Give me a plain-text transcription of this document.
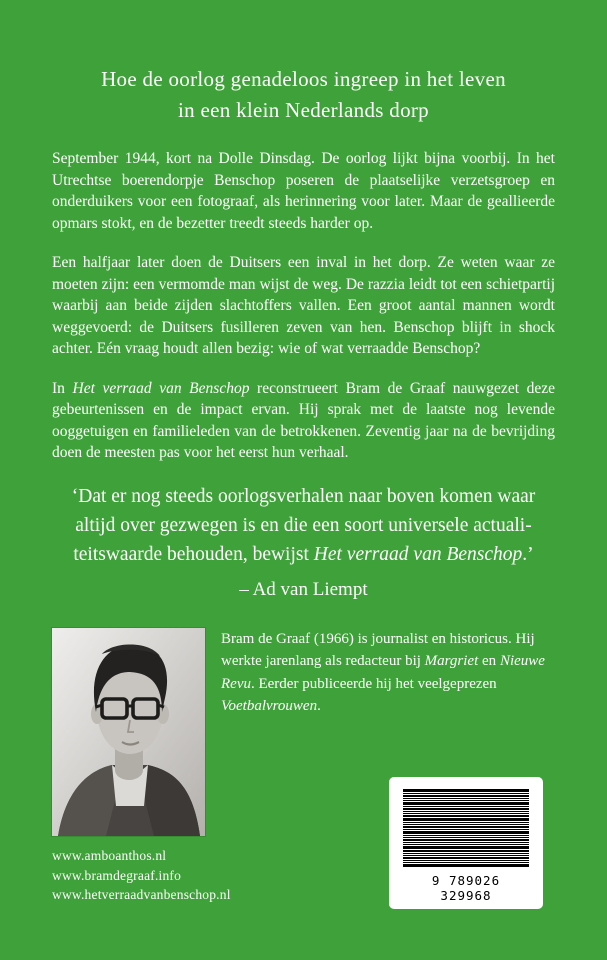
Hoe de oorlog genadeloos ingreep in het leven
in een klein Nederlands dorp

September 1944, kort na Dolle Dinsdag. De oorlog lijkt bijna voorbij. In het Utrechtse boerendorpje Benschop poseren de plaatselijke verzetsgroep en onderduikers voor een fotograaf, als herinnering voor later. Maar de geallieerde opmars stokt, en de bezetter treedt steeds harder op.

Een halfjaar later doen de Duitsers een inval in het dorp. Ze weten waar ze moeten zijn: een vermomde man wijst de weg. De razzia leidt tot een schietpartij waarbij aan beide zijden slachtoffers vallen. Een groot aantal mannen wordt weggevoerd: de Duitsers fusilleren zeven van hen. Benschop blijft in shock achter. Eén vraag houdt allen bezig: wie of wat verraadde Benschop?

In Het verraad van Benschop reconstrueert Bram de Graaf nauwgezet deze gebeurtenissen en de impact ervan. Hij sprak met de laatste nog levende ooggetuigen en familieleden van de betrokkenen. Zeventig jaar na de bevrijding doen de meesten pas voor het eerst hun verhaal.

‘Dat er nog steeds oorlogsverhalen naar boven komen waar
altijd over gezwegen is en die een soort universele actuali-
teitswaarde behouden, bewijst Het verraad van Benschop.’
– Ad van Liempt

Bram de Graaf (1966) is journalist en historicus. Hij werkte jarenlang als redacteur bij Margriet en Nieuwe Revu. Eerder publiceerde hij het veelgeprezen Voetbalvrouwen.

www.amboanthos.nl
www.bramdegraaf.info
www.hetverraadvanbenschop.nl
9 789026 329968
